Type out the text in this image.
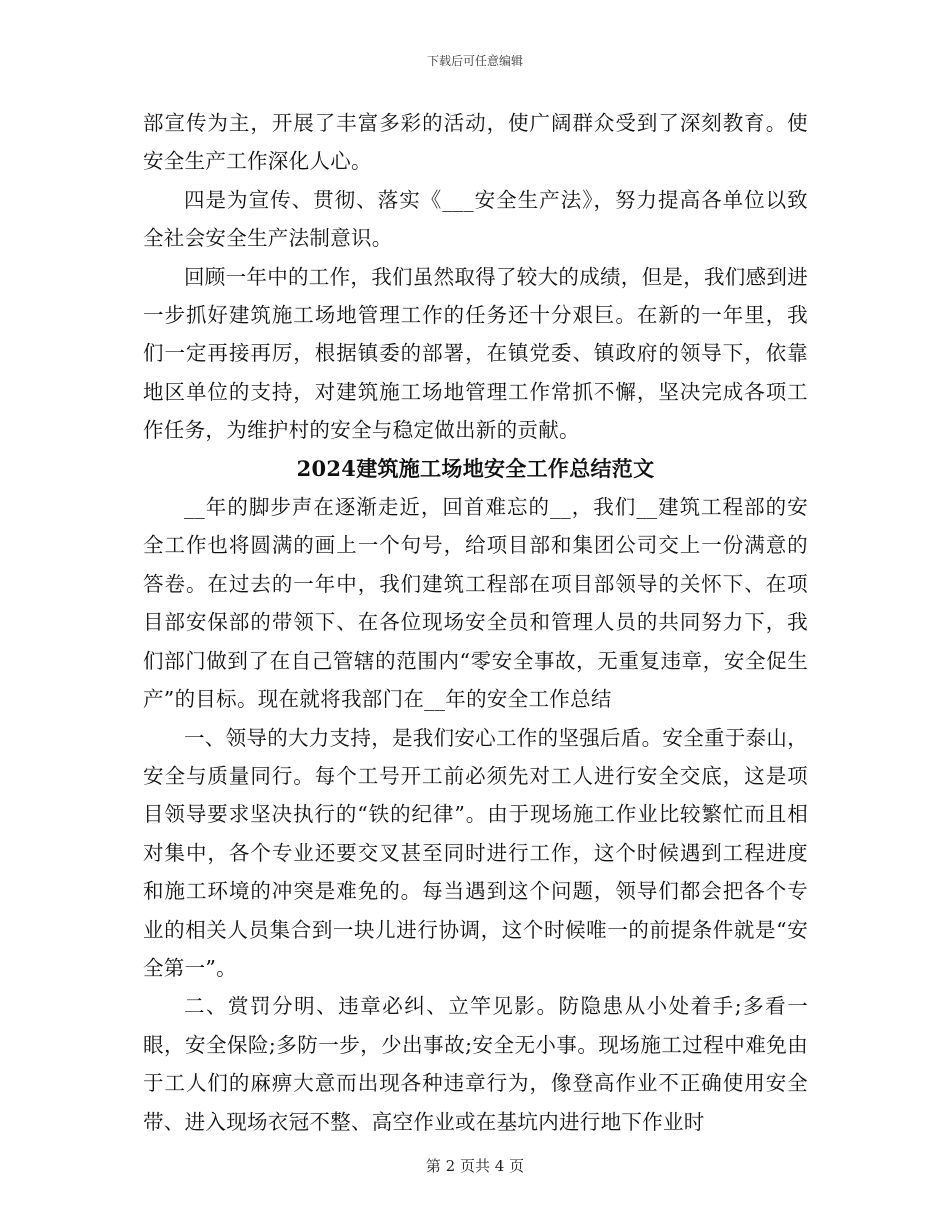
下载后可任意编辑

部宣传为主，开展了丰富多彩的活动，使广阔群众受到了深刻教育。使安全生产工作深化人心。

四是为宣传、贯彻、落实《___安全生产法》，努力提高各单位以致全社会安全生产法制意识。

回顾一年中的工作，我们虽然取得了较大的成绩，但是，我们感到进一步抓好建筑施工场地管理工作的任务还十分艰巨。在新的一年里，我们一定再接再厉，根据镇委的部署，在镇党委、镇政府的领导下，依靠地区单位的支持，对建筑施工场地管理工作常抓不懈，坚决完成各项工作任务，为维护村的安全与稳定做出新的贡献。

2024建筑施工场地安全工作总结范文

__年的脚步声在逐渐走近，回首难忘的__，我们__建筑工程部的安全工作也将圆满的画上一个句号，给项目部和集团公司交上一份满意的答卷。在过去的一年中，我们建筑工程部在项目部领导的关怀下、在项目部安保部的带领下、在各位现场安全员和管理人员的共同努力下，我们部门做到了在自己管辖的范围内“零安全事故，无重复违章，安全促生产”的目标。现在就将我部门在__年的安全工作总结

一、领导的大力支持，是我们安心工作的坚强后盾。安全重于泰山，安全与质量同行。每个工号开工前必须先对工人进行安全交底，这是项目领导要求坚决执行的“铁的纪律”。由于现场施工作业比较繁忙而且相对集中，各个专业还要交叉甚至同时进行工作，这个时候遇到工程进度和施工环境的冲突是难免的。每当遇到这个问题，领导们都会把各个专业的相关人员集合到一块儿进行协调，这个时候唯一的前提条件就是“安全第一”。

二、赏罚分明、违章必纠、立竿见影。防隐患从小处着手;多看一眼，安全保险;多防一步，少出事故;安全无小事。现场施工过程中难免由于工人们的麻痹大意而出现各种违章行为，像登高作业不正确使用安全带、进入现场衣冠不整、高空作业或在基坑内进行地下作业时

第 2 页共 4 页
